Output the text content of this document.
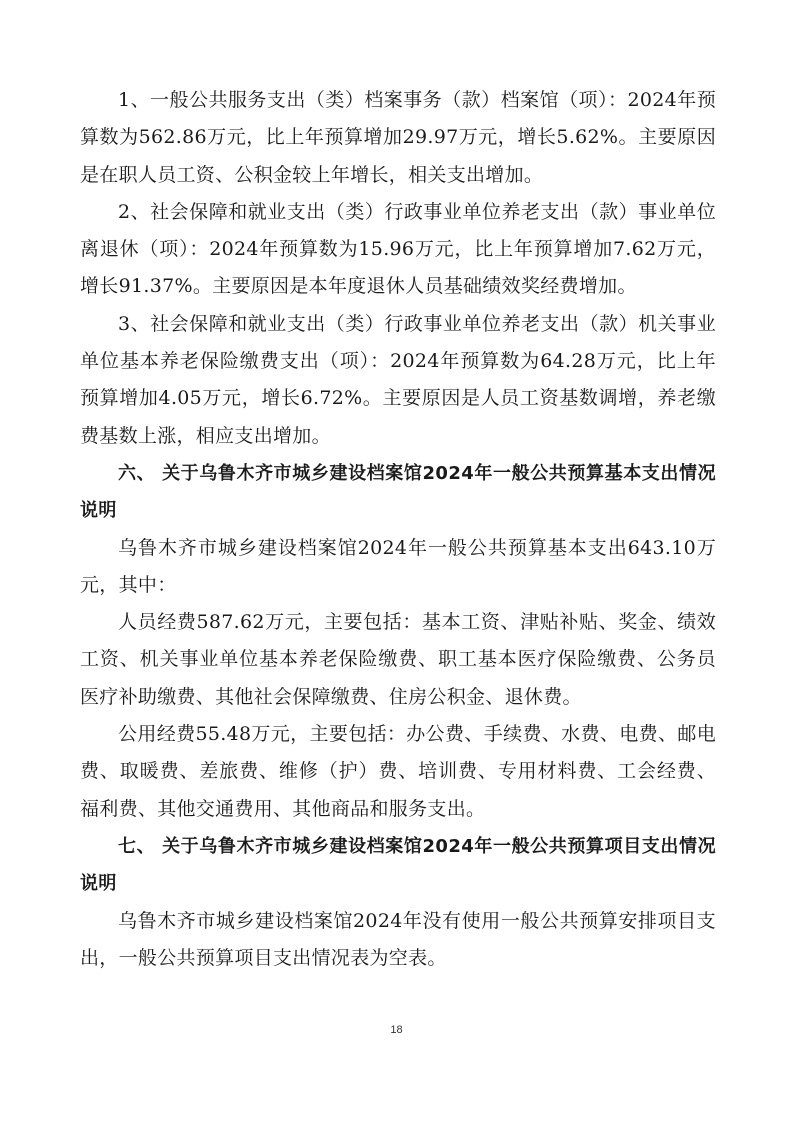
1、一般公共服务支出（类）档案事务（款）档案馆（项）：2024年预算数为562.86万元，比上年预算增加29.97万元，增长5.62%。主要原因是在职人员工资、公积金较上年增长，相关支出增加。

2、社会保障和就业支出（类）行政事业单位养老支出（款）事业单位离退休（项）：2024年预算数为15.96万元，比上年预算增加7.62万元，增长91.37%。主要原因是本年度退休人员基础绩效奖经费增加。

3、社会保障和就业支出（类）行政事业单位养老支出（款）机关事业单位基本养老保险缴费支出（项）：2024年预算数为64.28万元，比上年预算增加4.05万元，增长6.72%。主要原因是人员工资基数调增，养老缴费基数上涨，相应支出增加。

六、 关于乌鲁木齐市城乡建设档案馆2024年一般公共预算基本支出情况说明

乌鲁木齐市城乡建设档案馆2024年一般公共预算基本支出643.10万元，其中：

人员经费587.62万元，主要包括：基本工资、津贴补贴、奖金、绩效工资、机关事业单位基本养老保险缴费、职工基本医疗保险缴费、公务员医疗补助缴费、其他社会保障缴费、住房公积金、退休费。

公用经费55.48万元，主要包括：办公费、手续费、水费、电费、邮电费、取暖费、差旅费、维修（护）费、培训费、专用材料费、工会经费、福利费、其他交通费用、其他商品和服务支出。

七、 关于乌鲁木齐市城乡建设档案馆2024年一般公共预算项目支出情况说明

乌鲁木齐市城乡建设档案馆2024年没有使用一般公共预算安排项目支出，一般公共预算项目支出情况表为空表。

18
